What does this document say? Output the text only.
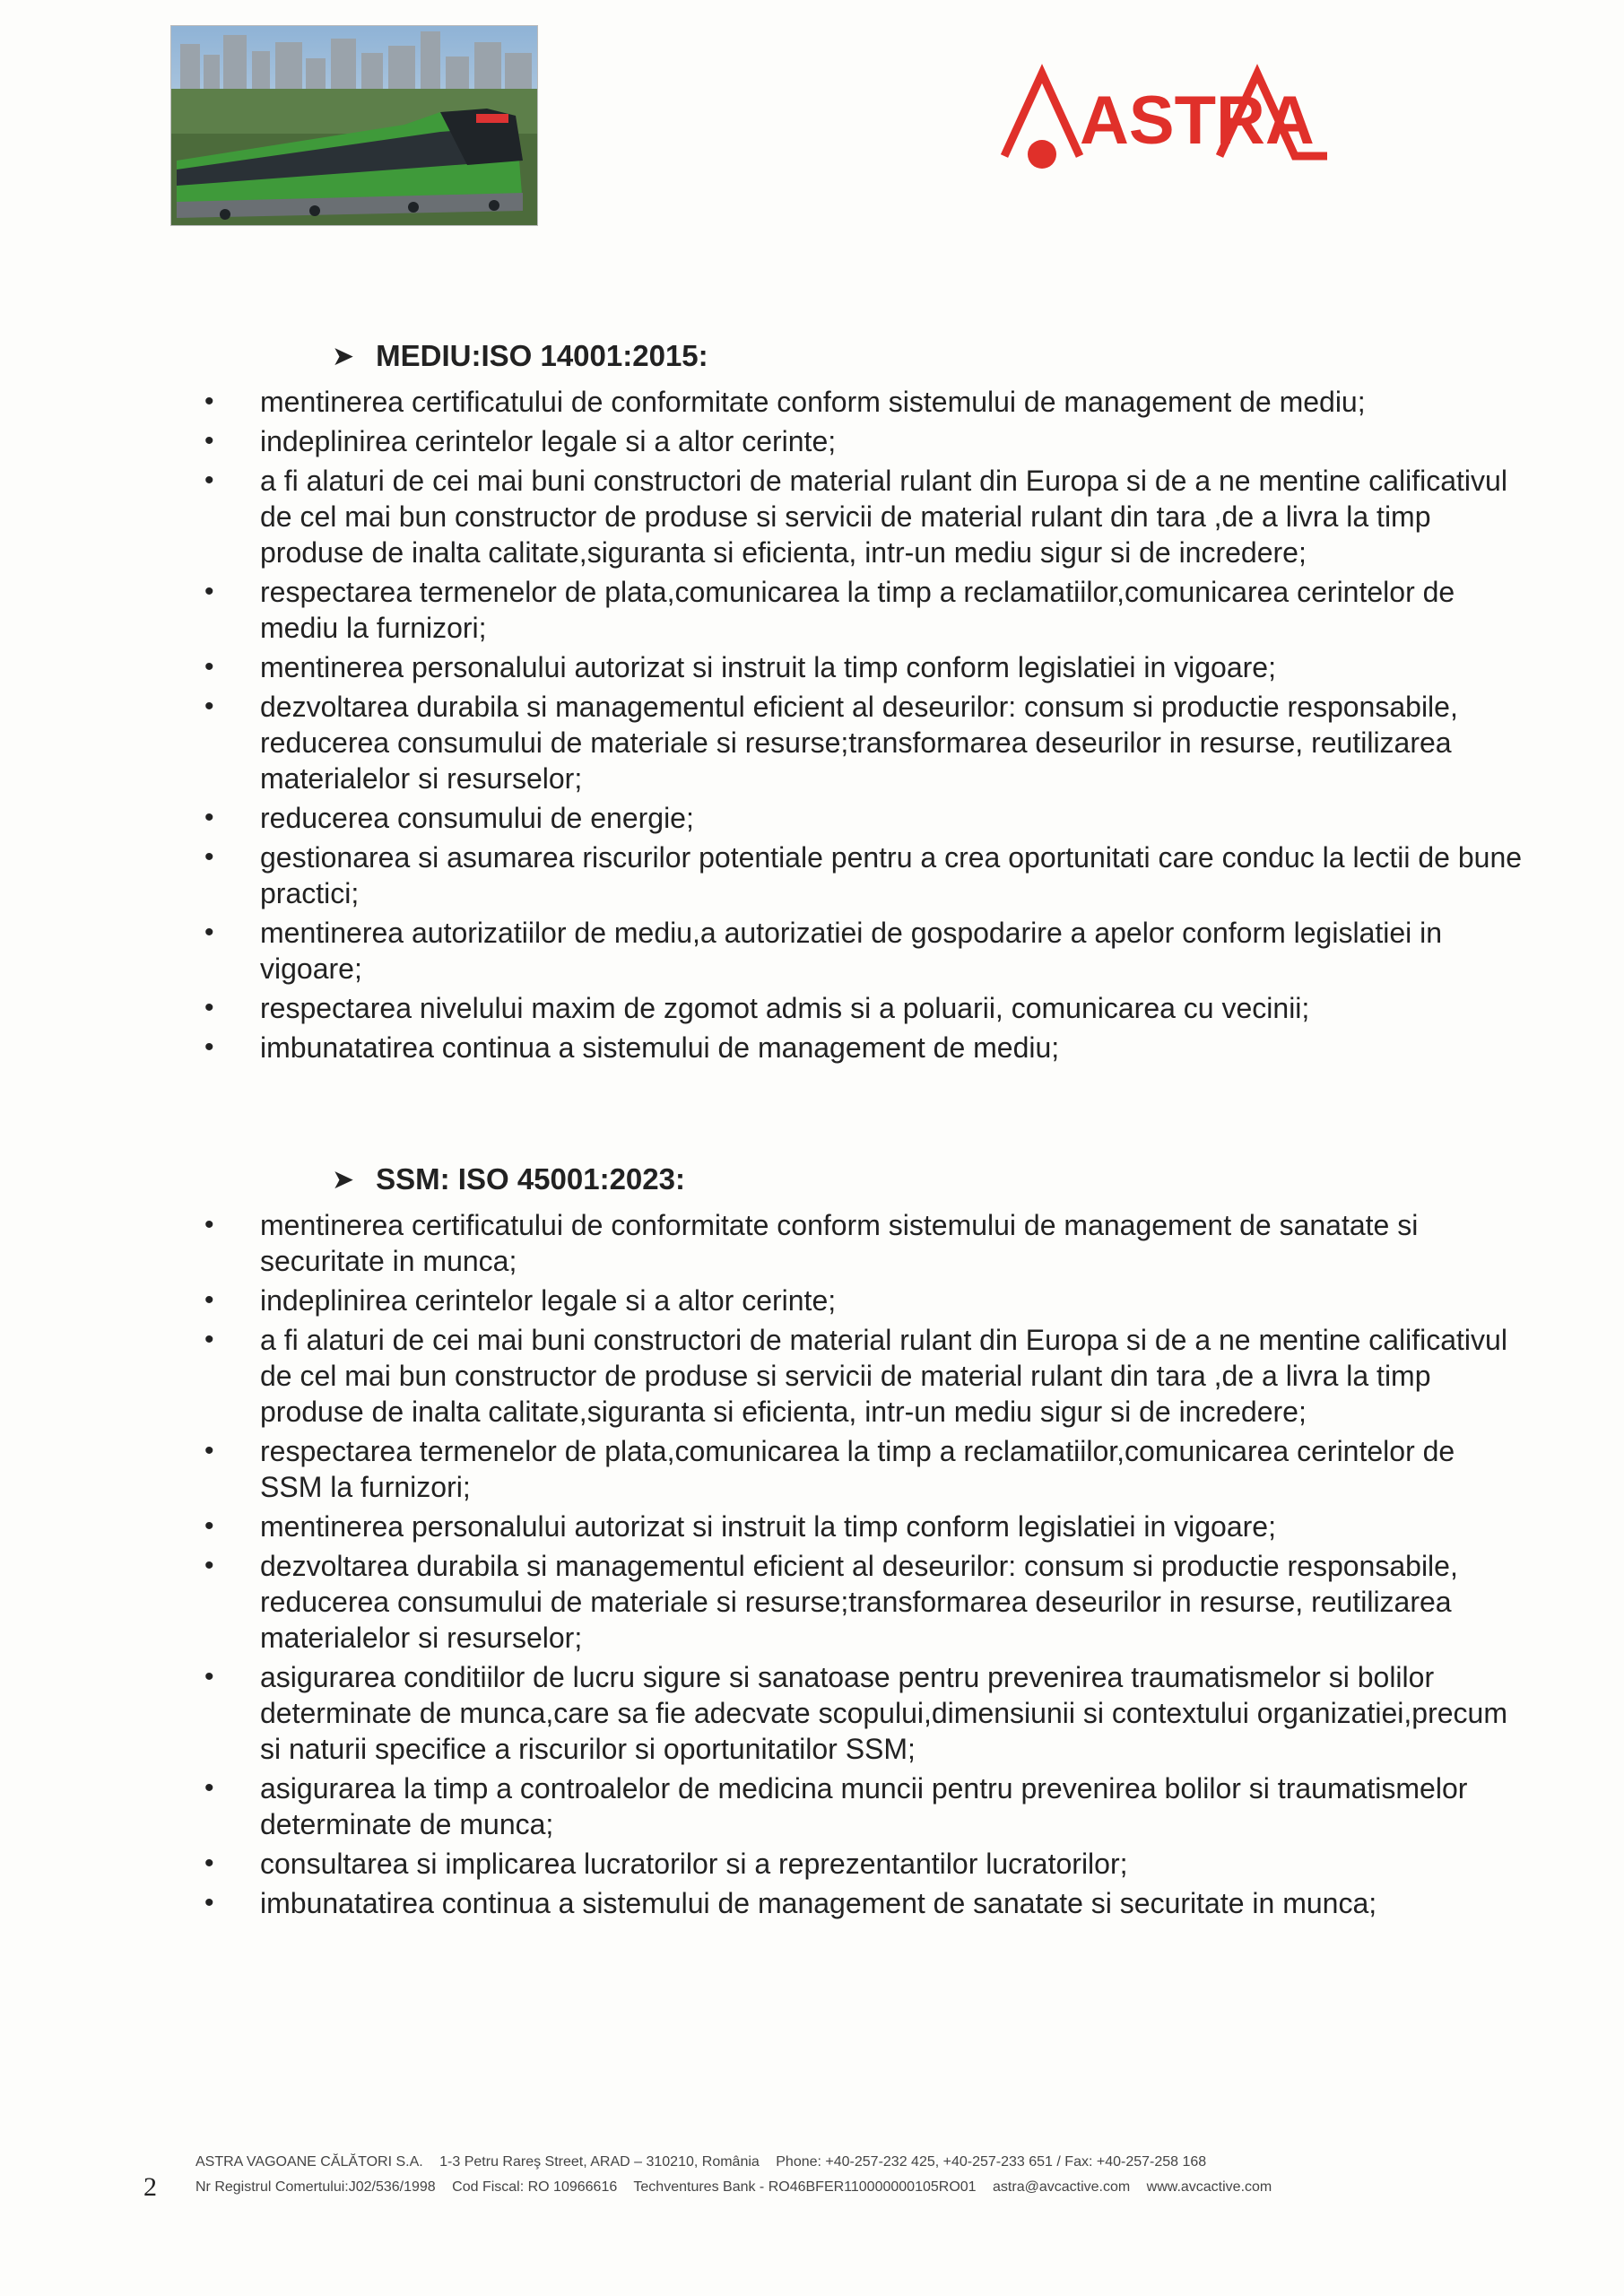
ASTRA
➤ MEDIU:ISO 14001:2015:
• mentinerea certificatului de conformitate conform sistemului de management de mediu;
• indeplinirea cerintelor legale si a altor cerinte;
• a fi alaturi de cei mai buni constructori de material rulant din Europa si de a ne mentine calificativul de cel mai bun constructor de produse si servicii de material rulant din tara ,de a livra la timp produse de inalta calitate,siguranta si eficienta, intr-un mediu sigur si de incredere;
• respectarea termenelor de plata,comunicarea la timp a reclamatiilor,comunicarea cerintelor de mediu la furnizori;
• mentinerea personalului autorizat si instruit la timp conform legislatiei in vigoare;
• dezvoltarea durabila si managementul eficient al deseurilor: consum si productie responsabile, reducerea consumului de materiale si resurse;transformarea deseurilor in resurse, reutilizarea materialelor si resurselor;
• reducerea consumului de energie;
• gestionarea si asumarea riscurilor potentiale pentru a crea oportunitati care conduc la lectii de bune practici;
• mentinerea autorizatiilor de mediu,a autorizatiei de gospodarire a apelor conform legislatiei in vigoare;
• respectarea nivelului maxim de zgomot admis si a poluarii, comunicarea cu vecinii;
• imbunatatirea continua a sistemului de management de mediu;
➤ SSM: ISO 45001:2023:
• mentinerea certificatului de conformitate conform sistemului de management de sanatate si securitate in munca;
• indeplinirea cerintelor legale si a altor cerinte;
• a fi alaturi de cei mai buni constructori de material rulant din Europa si de a ne mentine calificativul de cel mai bun constructor de produse si servicii de material rulant din tara ,de a livra la timp produse de inalta calitate,siguranta si eficienta, intr-un mediu sigur si de incredere;
• respectarea termenelor de plata,comunicarea la timp a reclamatiilor,comunicarea cerintelor de SSM la furnizori;
• mentinerea personalului autorizat si instruit la timp conform legislatiei in vigoare;
• dezvoltarea durabila si managementul eficient al deseurilor: consum si productie responsabile, reducerea consumului de materiale si resurse;transformarea deseurilor in resurse, reutilizarea materialelor si resurselor;
• asigurarea conditiilor de lucru sigure si sanatoase pentru prevenirea traumatismelor si bolilor determinate de munca,care sa fie adecvate scopului,dimensiunii si contextului organizatiei,precum si naturii specifice a riscurilor si oportunitatilor SSM;
• asigurarea la timp a controalelor de medicina muncii pentru prevenirea bolilor si traumatismelor determinate de munca;
• consultarea si implicarea lucratorilor si a reprezentantilor lucratorilor;
• imbunatatirea continua a sistemului de management de sanatate si securitate in munca;
2
ASTRA VAGOANE CĂLĂTORI S.A. 1-3 Petru Rareş Street, ARAD – 310210, România Phone: +40-257-232 425, +40-257-233 651 / Fax: +40-257-258 168
Nr Registrul Comertului:J02/536/1998 Cod Fiscal: RO 10966616 Techventures Bank - RO46BFER110000000105RO01 astra@avcactive.com www.avcactive.com
